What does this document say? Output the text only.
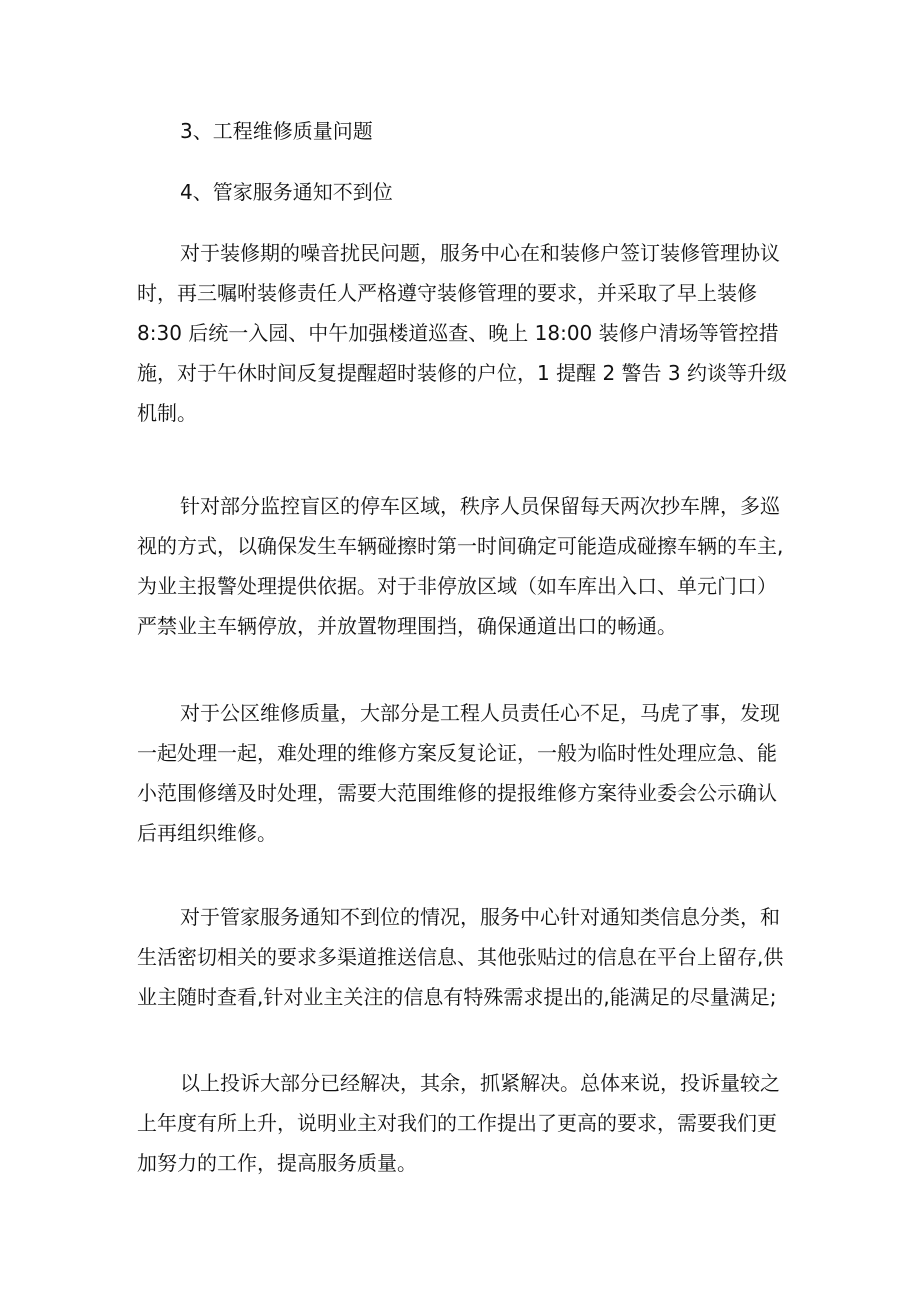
3、工程维修质量问题
4、管家服务通知不到位
对于装修期的噪音扰民问题，服务中心在和装修户签订装修管理协议
时，再三嘱咐装修责任人严格遵守装修管理的要求，并采取了早上装修
8:30 后统一入园、中午加强楼道巡查、晚上 18:00 装修户清场等管控措
施，对于午休时间反复提醒超时装修的户位，1 提醒 2 警告 3 约谈等升级
机制。
针对部分监控盲区的停车区域，秩序人员保留每天两次抄车牌，多巡
视的方式，以确保发生车辆碰擦时第一时间确定可能造成碰擦车辆的车主,
为业主报警处理提供依据。对于非停放区域（如车库出入口、单元门口）
严禁业主车辆停放，并放置物理围挡，确保通道出口的畅通。
对于公区维修质量，大部分是工程人员责任心不足，马虎了事，发现
一起处理一起，难处理的维修方案反复论证，一般为临时性处理应急、能
小范围修缮及时处理，需要大范围维修的提报维修方案待业委会公示确认
后再组织维修。
对于管家服务通知不到位的情况，服务中心针对通知类信息分类，和
生活密切相关的要求多渠道推送信息、其他张贴过的信息在平台上留存,供
业主随时查看,针对业主关注的信息有特殊需求提出的,能满足的尽量满足;
以上投诉大部分已经解决，其余，抓紧解决。总体来说，投诉量较之
上年度有所上升，说明业主对我们的工作提出了更高的要求，需要我们更
加努力的工作，提高服务质量。
